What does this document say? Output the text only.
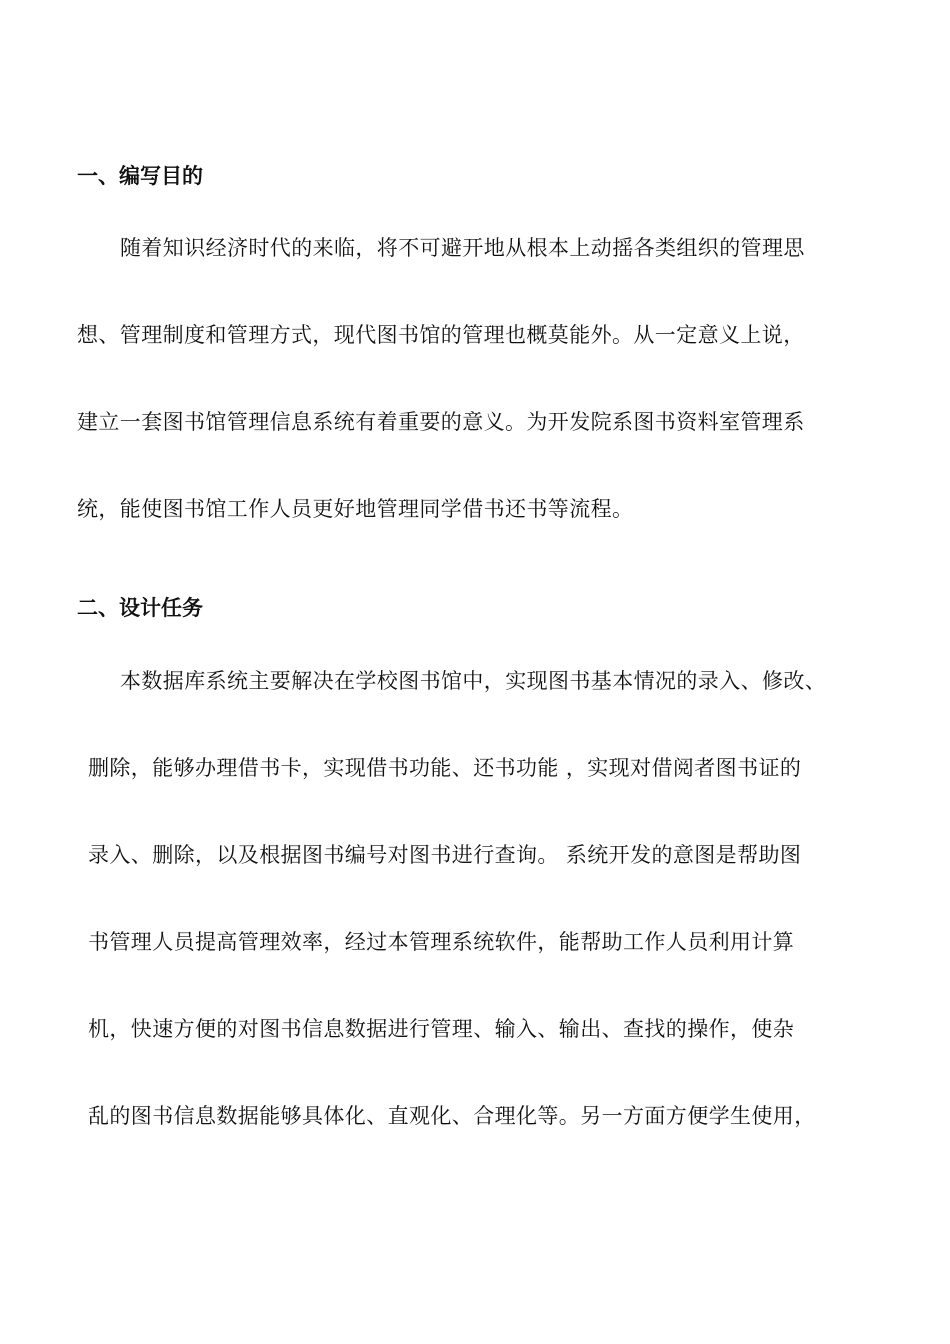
一、编写目的
随着知识经济时代的来临，将不可避开地从根本上动摇各类组织的管理思
想、管理制度和管理方式，现代图书馆的管理也概莫能外。从一定意义上说，
建立一套图书馆管理信息系统有着重要的意义。为开发院系图书资料室管理系
统，能使图书馆工作人员更好地管理同学借书还书等流程。
二、设计任务
本数据库系统主要解决在学校图书馆中，实现图书基本情况的录入、修改、
删除，能够办理借书卡，实现借书功能、还书功能 ，实现对借阅者图书证的
录入、删除，以及根据图书编号对图书进行查询。 系统开发的意图是帮助图
书管理人员提高管理效率，经过本管理系统软件，能帮助工作人员利用计算
机，快速方便的对图书信息数据进行管理、输入、输出、查找的操作，使杂
乱的图书信息数据能够具体化、直观化、合理化等。另一方面方便学生使用，
